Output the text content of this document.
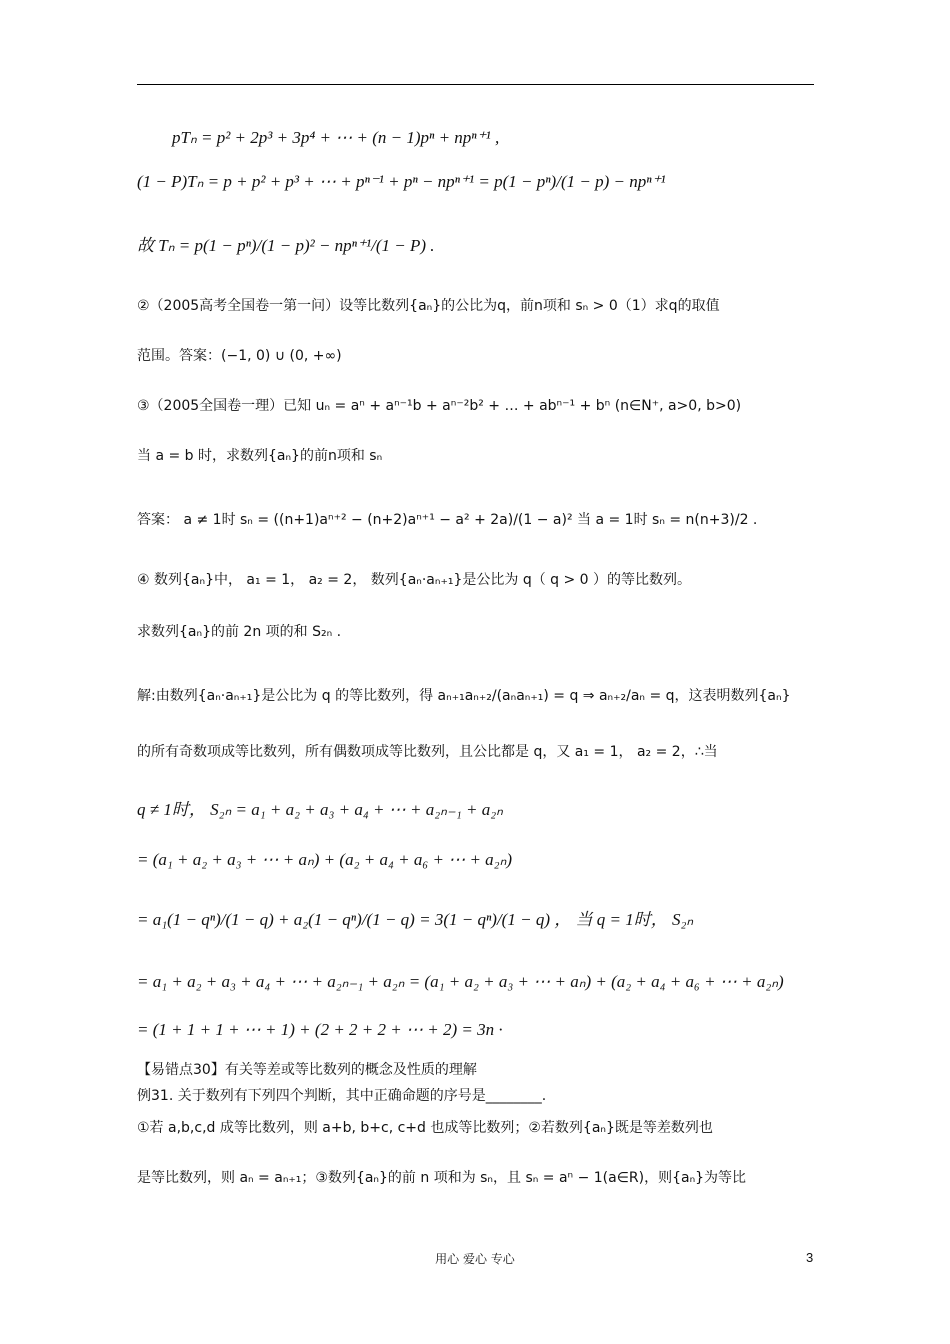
pTₙ = p² + 2p³ + 3p⁴ + ⋯ + (n − 1)pⁿ + npⁿ⁺¹ ,
(1 − P)Tₙ = p + p² + p³ + ⋯ + pⁿ⁻¹ + pⁿ − npⁿ⁺¹ = p(1 − pⁿ)/(1 − p) − npⁿ⁺¹
故 Tₙ = p(1 − pⁿ)/(1 − p)² − npⁿ⁺¹/(1 − P) .
②（2005高考全国卷一第一问）设等比数列{aₙ}的公比为q，前n项和 sₙ > 0（1）求q的取值
范围。答案：(−1, 0) ∪ (0, +∞)
③（2005全国卷一理）已知 uₙ = aⁿ + aⁿ⁻¹b + aⁿ⁻²b² + … + abⁿ⁻¹ + bⁿ (n∈N⁺, a>0, b>0)
当 a = b 时，求数列{aₙ}的前n项和 sₙ
答案： a ≠ 1时 sₙ = ((n+1)aⁿ⁺² − (n+2)aⁿ⁺¹ − a² + 2a)/(1 − a)² 当 a = 1时 sₙ = n(n+3)/2 .
④ 数列{aₙ}中， a₁ = 1， a₂ = 2， 数列{aₙ·aₙ₊₁}是公比为 q（ q > 0 ）的等比数列。
求数列{aₙ}的前 2n 项的和 S₂ₙ .
解:由数列{aₙ·aₙ₊₁}是公比为 q 的等比数列，得 aₙ₊₁aₙ₊₂/(aₙaₙ₊₁) = q ⇒ aₙ₊₂/aₙ = q，这表明数列{aₙ}
的所有奇数项成等比数列，所有偶数项成等比数列，且公比都是 q，又 a₁ = 1， a₂ = 2，∴当
q ≠ 1时， S₂ₙ = a₁ + a₂ + a₃ + a₄ + ⋯ + a₂ₙ₋₁ + a₂ₙ
= (a₁ + a₂ + a₃ + ⋯ + aₙ) + (a₂ + a₄ + a₆ + ⋯ + a₂ₙ)
= a₁(1 − qⁿ)/(1 − q) + a₂(1 − qⁿ)/(1 − q) = 3(1 − qⁿ)/(1 − q) ， 当 q = 1时， S₂ₙ
= a₁ + a₂ + a₃ + a₄ + ⋯ + a₂ₙ₋₁ + a₂ₙ = (a₁ + a₂ + a₃ + ⋯ + aₙ) + (a₂ + a₄ + a₆ + ⋯ + a₂ₙ)
= (1 + 1 + 1 + ⋯ + 1) + (2 + 2 + 2 + ⋯ + 2) = 3n ·
【易错点30】有关等差或等比数列的概念及性质的理解
例31. 关于数列有下列四个判断，其中正确命题的序号是________.
①若 a,b,c,d 成等比数列，则 a+b, b+c, c+d 也成等比数列；②若数列{aₙ}既是等差数列也
是等比数列，则 aₙ = aₙ₊₁；③数列{aₙ}的前 n 项和为 sₙ，且 sₙ = aⁿ − 1(a∈R)，则{aₙ}为等比
用心 爱心 专心	3
